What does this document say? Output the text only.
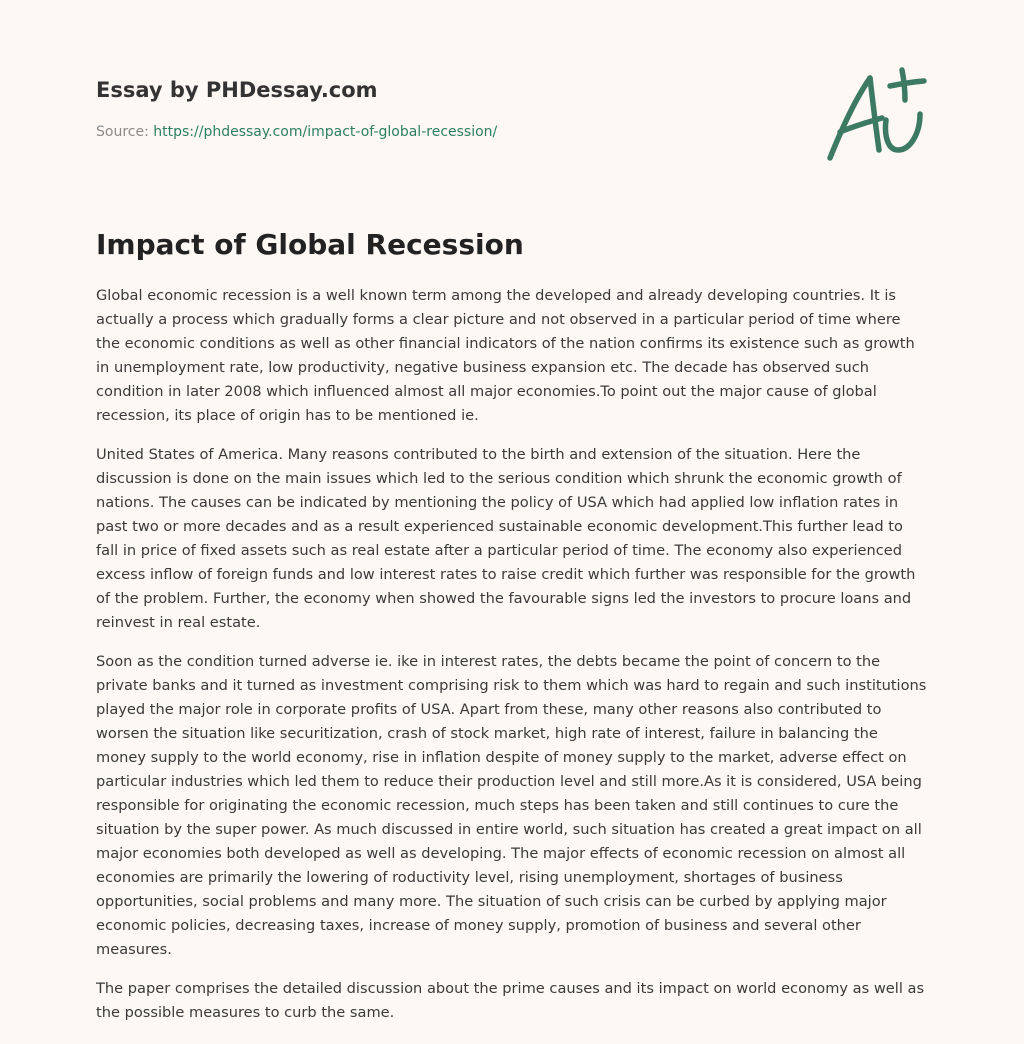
Essay by PHDessay.com
Source: https://phdessay.com/impact-of-global-recession/
Impact of Global Recession

Global economic recession is a well known term among the developed and already developing countries. It is actually a process which gradually forms a clear picture and not observed in a particular period of time where the economic conditions as well as other financial indicators of the nation confirms its existence such as growth in unemployment rate, low productivity, negative business expansion etc. The decade has observed such condition in later 2008 which influenced almost all major economies.To point out the major cause of global recession, its place of origin has to be mentioned ie.

United States of America. Many reasons contributed to the birth and extension of the situation. Here the discussion is done on the main issues which led to the serious condition which shrunk the economic growth of nations. The causes can be indicated by mentioning the policy of USA which had applied low inflation rates in past two or more decades and as a result experienced sustainable economic development.This further lead to fall in price of fixed assets such as real estate after a particular period of time. The economy also experienced excess inflow of foreign funds and low interest rates to raise credit which further was responsible for the growth of the problem. Further, the economy when showed the favourable signs led the investors to procure loans and reinvest in real estate.

Soon as the condition turned adverse ie. ike in interest rates, the debts became the point of concern to the private banks and it turned as investment comprising risk to them which was hard to regain and such institutions played the major role in corporate profits of USA. Apart from these, many other reasons also contributed to worsen the situation like securitization, crash of stock market, high rate of interest, failure in balancing the money supply to the world economy, rise in inflation despite of money supply to the market, adverse effect on particular industries which led them to reduce their production level and still more.As it is considered, USA being responsible for originating the economic recession, much steps has been taken and still continues to cure the situation by the super power. As much discussed in entire world, such situation has created a great impact on all major economies both developed as well as developing. The major effects of economic recession on almost all economies are primarily the lowering of roductivity level, rising unemployment, shortages of business opportunities, social problems and many more. The situation of such crisis can be curbed by applying major economic policies, decreasing taxes, increase of money supply, promotion of business and several other measures.

The paper comprises the detailed discussion about the prime causes and its impact on world economy as well as the possible measures to curb the same.
